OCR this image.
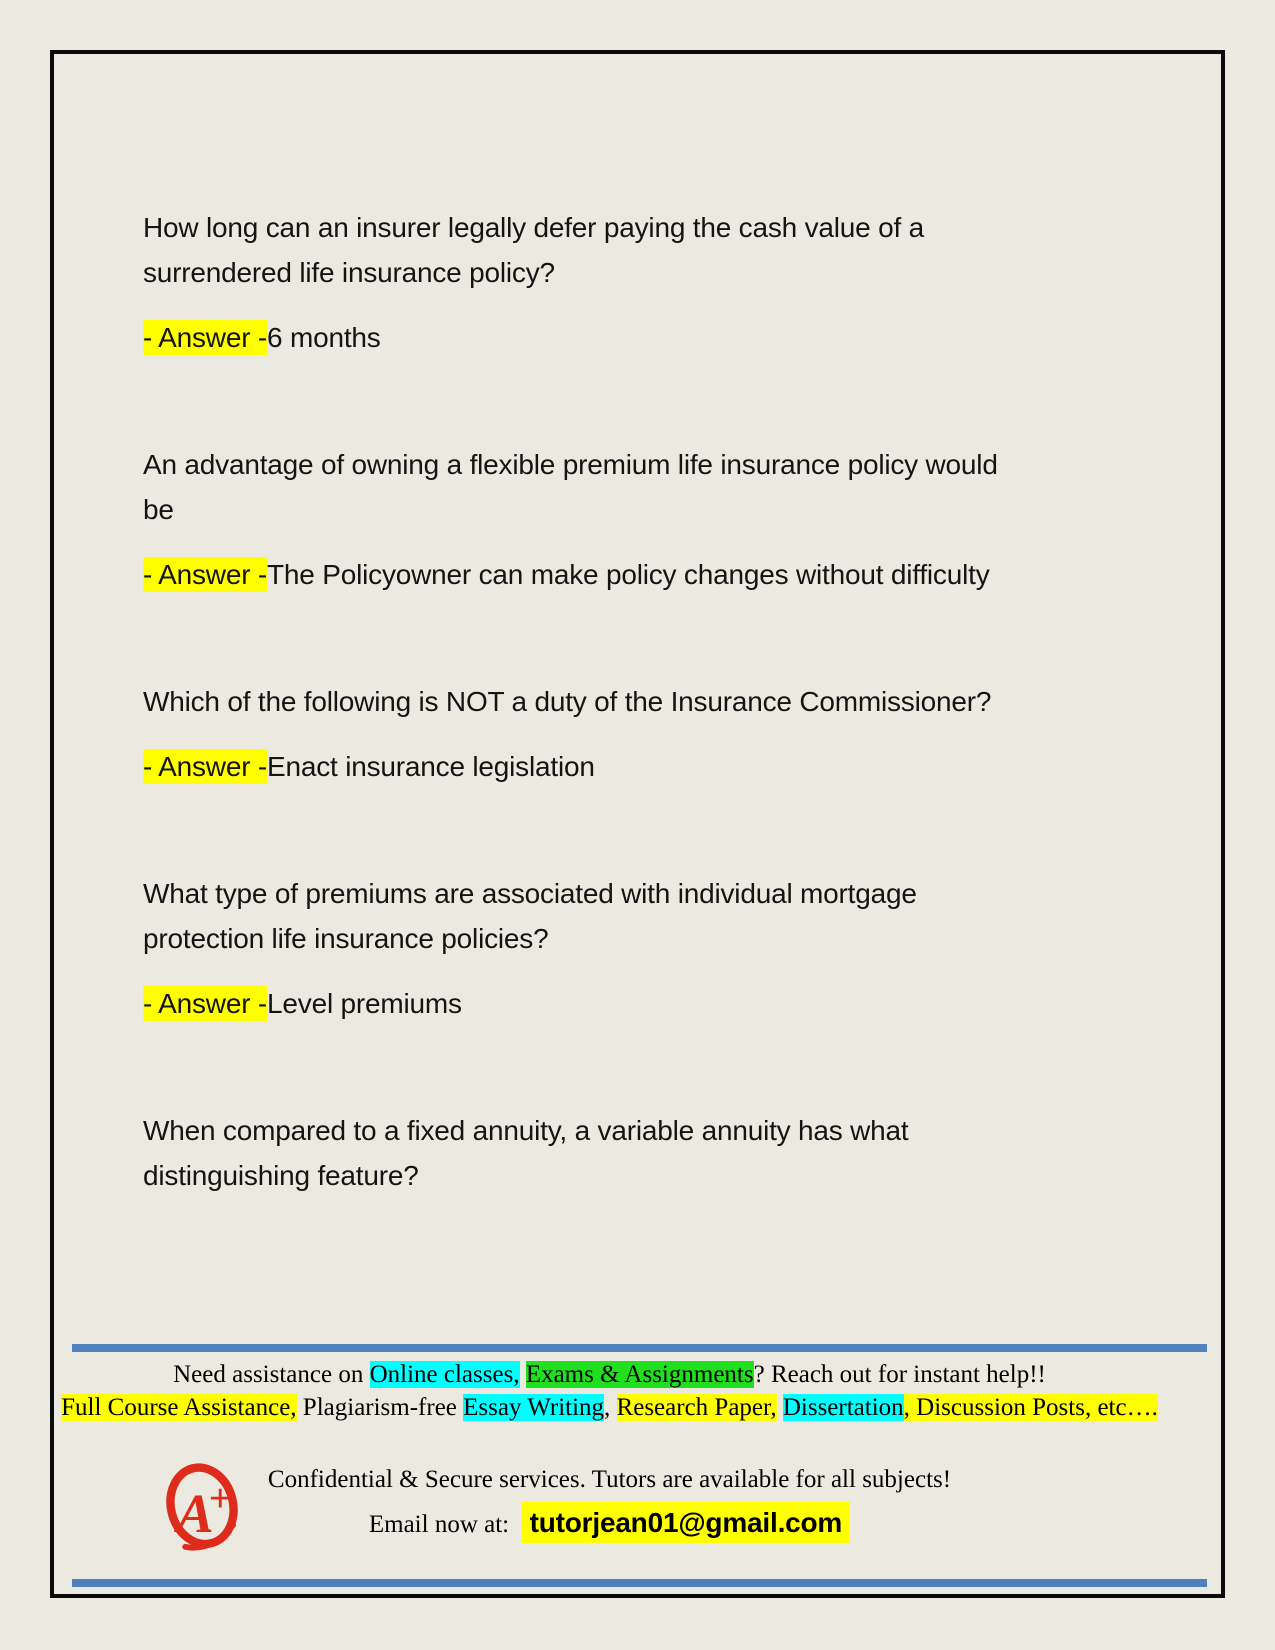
How long can an insurer legally defer paying the cash value of a
surrendered life insurance policy?

- Answer -6 months

An advantage of owning a flexible premium life insurance policy would
be

- Answer -The Policyowner can make policy changes without difficulty

Which of the following is NOT a duty of the Insurance Commissioner?

- Answer -Enact insurance legislation

What type of premiums are associated with individual mortgage
protection life insurance policies?

- Answer -Level premiums

When compared to a fixed annuity, a variable annuity has what
distinguishing feature?

Need assistance on Online classes, Exams & Assignments? Reach out for instant help!!

Full Course Assistance, Plagiarism-free Essay Writing, Research Paper, Dissertation, Discussion Posts, etc….

Confidential & Secure services. Tutors are available for all subjects!

Email now at: tutorjean01@gmail.com

A
+
